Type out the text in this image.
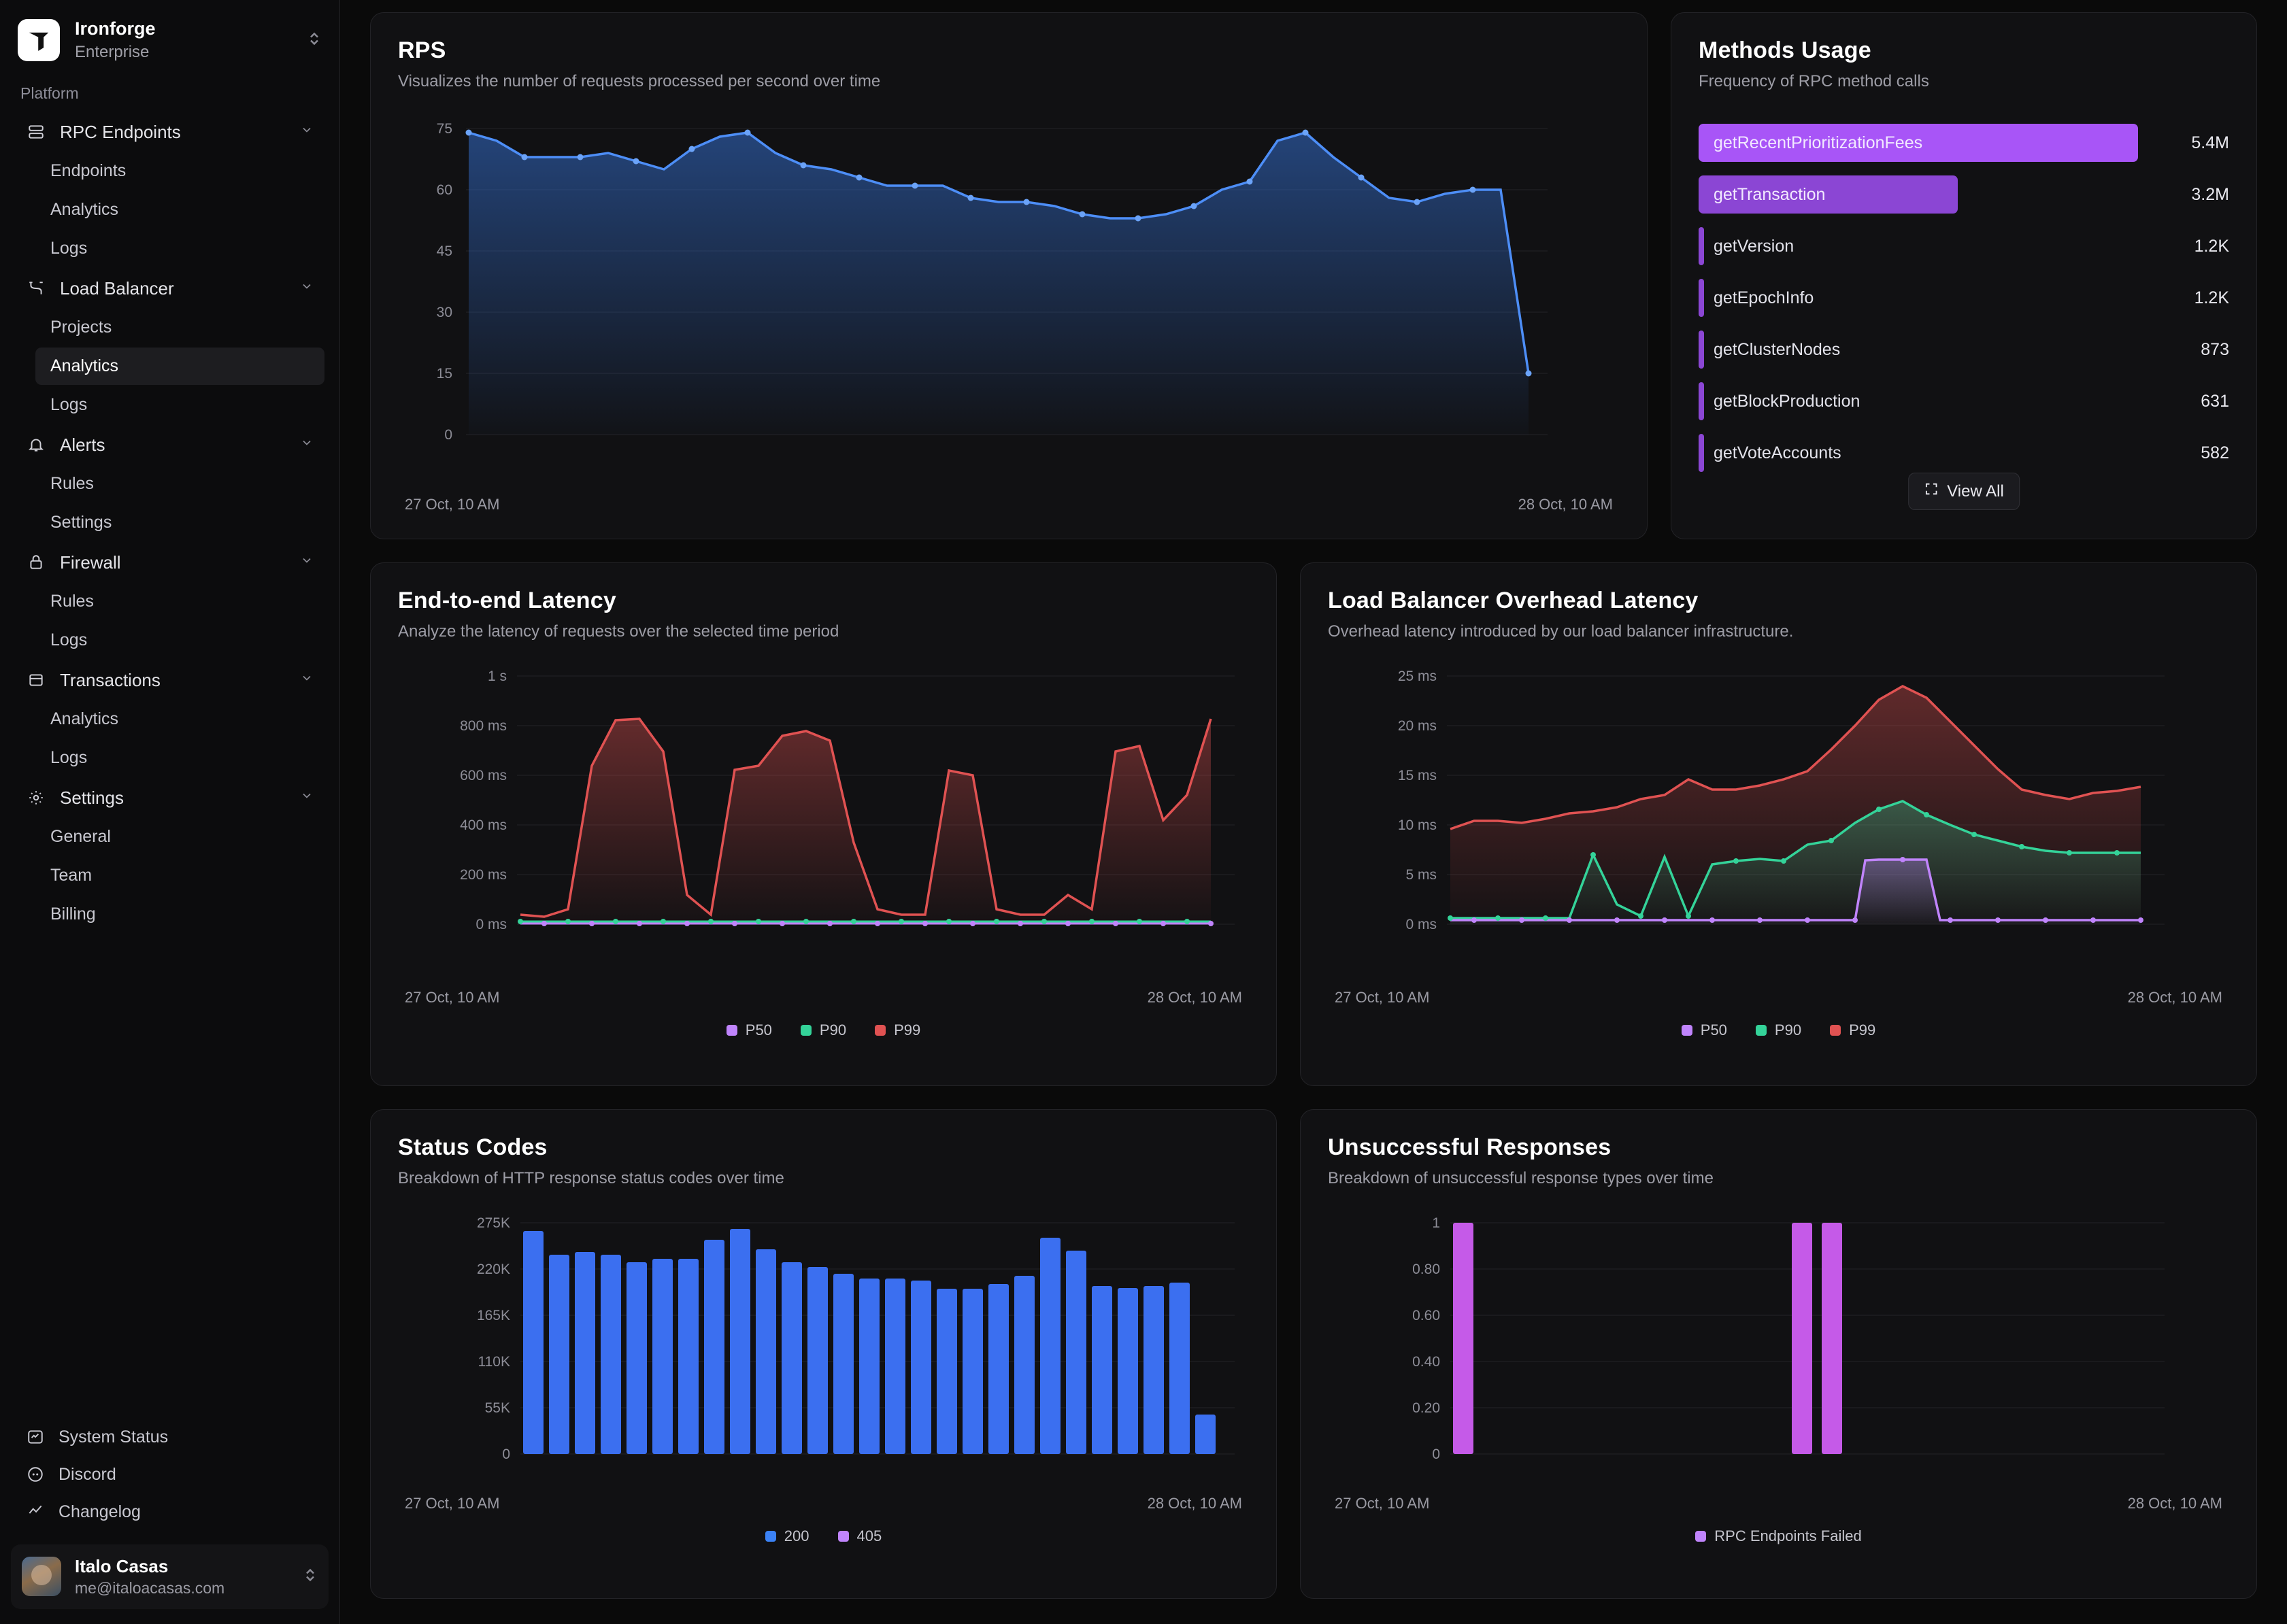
Ironforge
Enterprise
Platform
RPC Endpoints
Endpoints
Analytics
Logs
Load Balancer
Projects
Analytics
Logs
Alerts
Rules
Settings
Firewall
Rules
Logs
Transactions
Analytics
Logs
Settings
General
Team
Billing
System Status
Discord
Changelog
Italo Casas
me@italoacasas.com
RPS
Visualizes the number of requests processed per second over time
75
60
45
30
15
0
27 Oct, 10 AM	28 Oct, 10 AM
Methods Usage
Frequency of RPC method calls
getRecentPrioritizationFees	5.4M
getTransaction	3.2M
getVersion	1.2K
getEpochInfo	1.2K
getClusterNodes	873
getBlockProduction	631
getVoteAccounts	582
View All
End-to-end Latency
Analyze the latency of requests over the selected time period
1 s
800 ms
600 ms
400 ms
200 ms
0 ms
27 Oct, 10 AM	28 Oct, 10 AM
P50	P90	P99
Load Balancer Overhead Latency
Overhead latency introduced by our load balancer infrastructure.
25 ms
20 ms
15 ms
10 ms
5 ms
0 ms
27 Oct, 10 AM	28 Oct, 10 AM
P50	P90	P99
Status Codes
Breakdown of HTTP response status codes over time
275K
220K
165K
110K
55K
0
27 Oct, 10 AM	28 Oct, 10 AM
200	405
Unsuccessful Responses
Breakdown of unsuccessful response types over time
1
0.80
0.60
0.40
0.20
0
27 Oct, 10 AM	28 Oct, 10 AM
RPC Endpoints Failed
